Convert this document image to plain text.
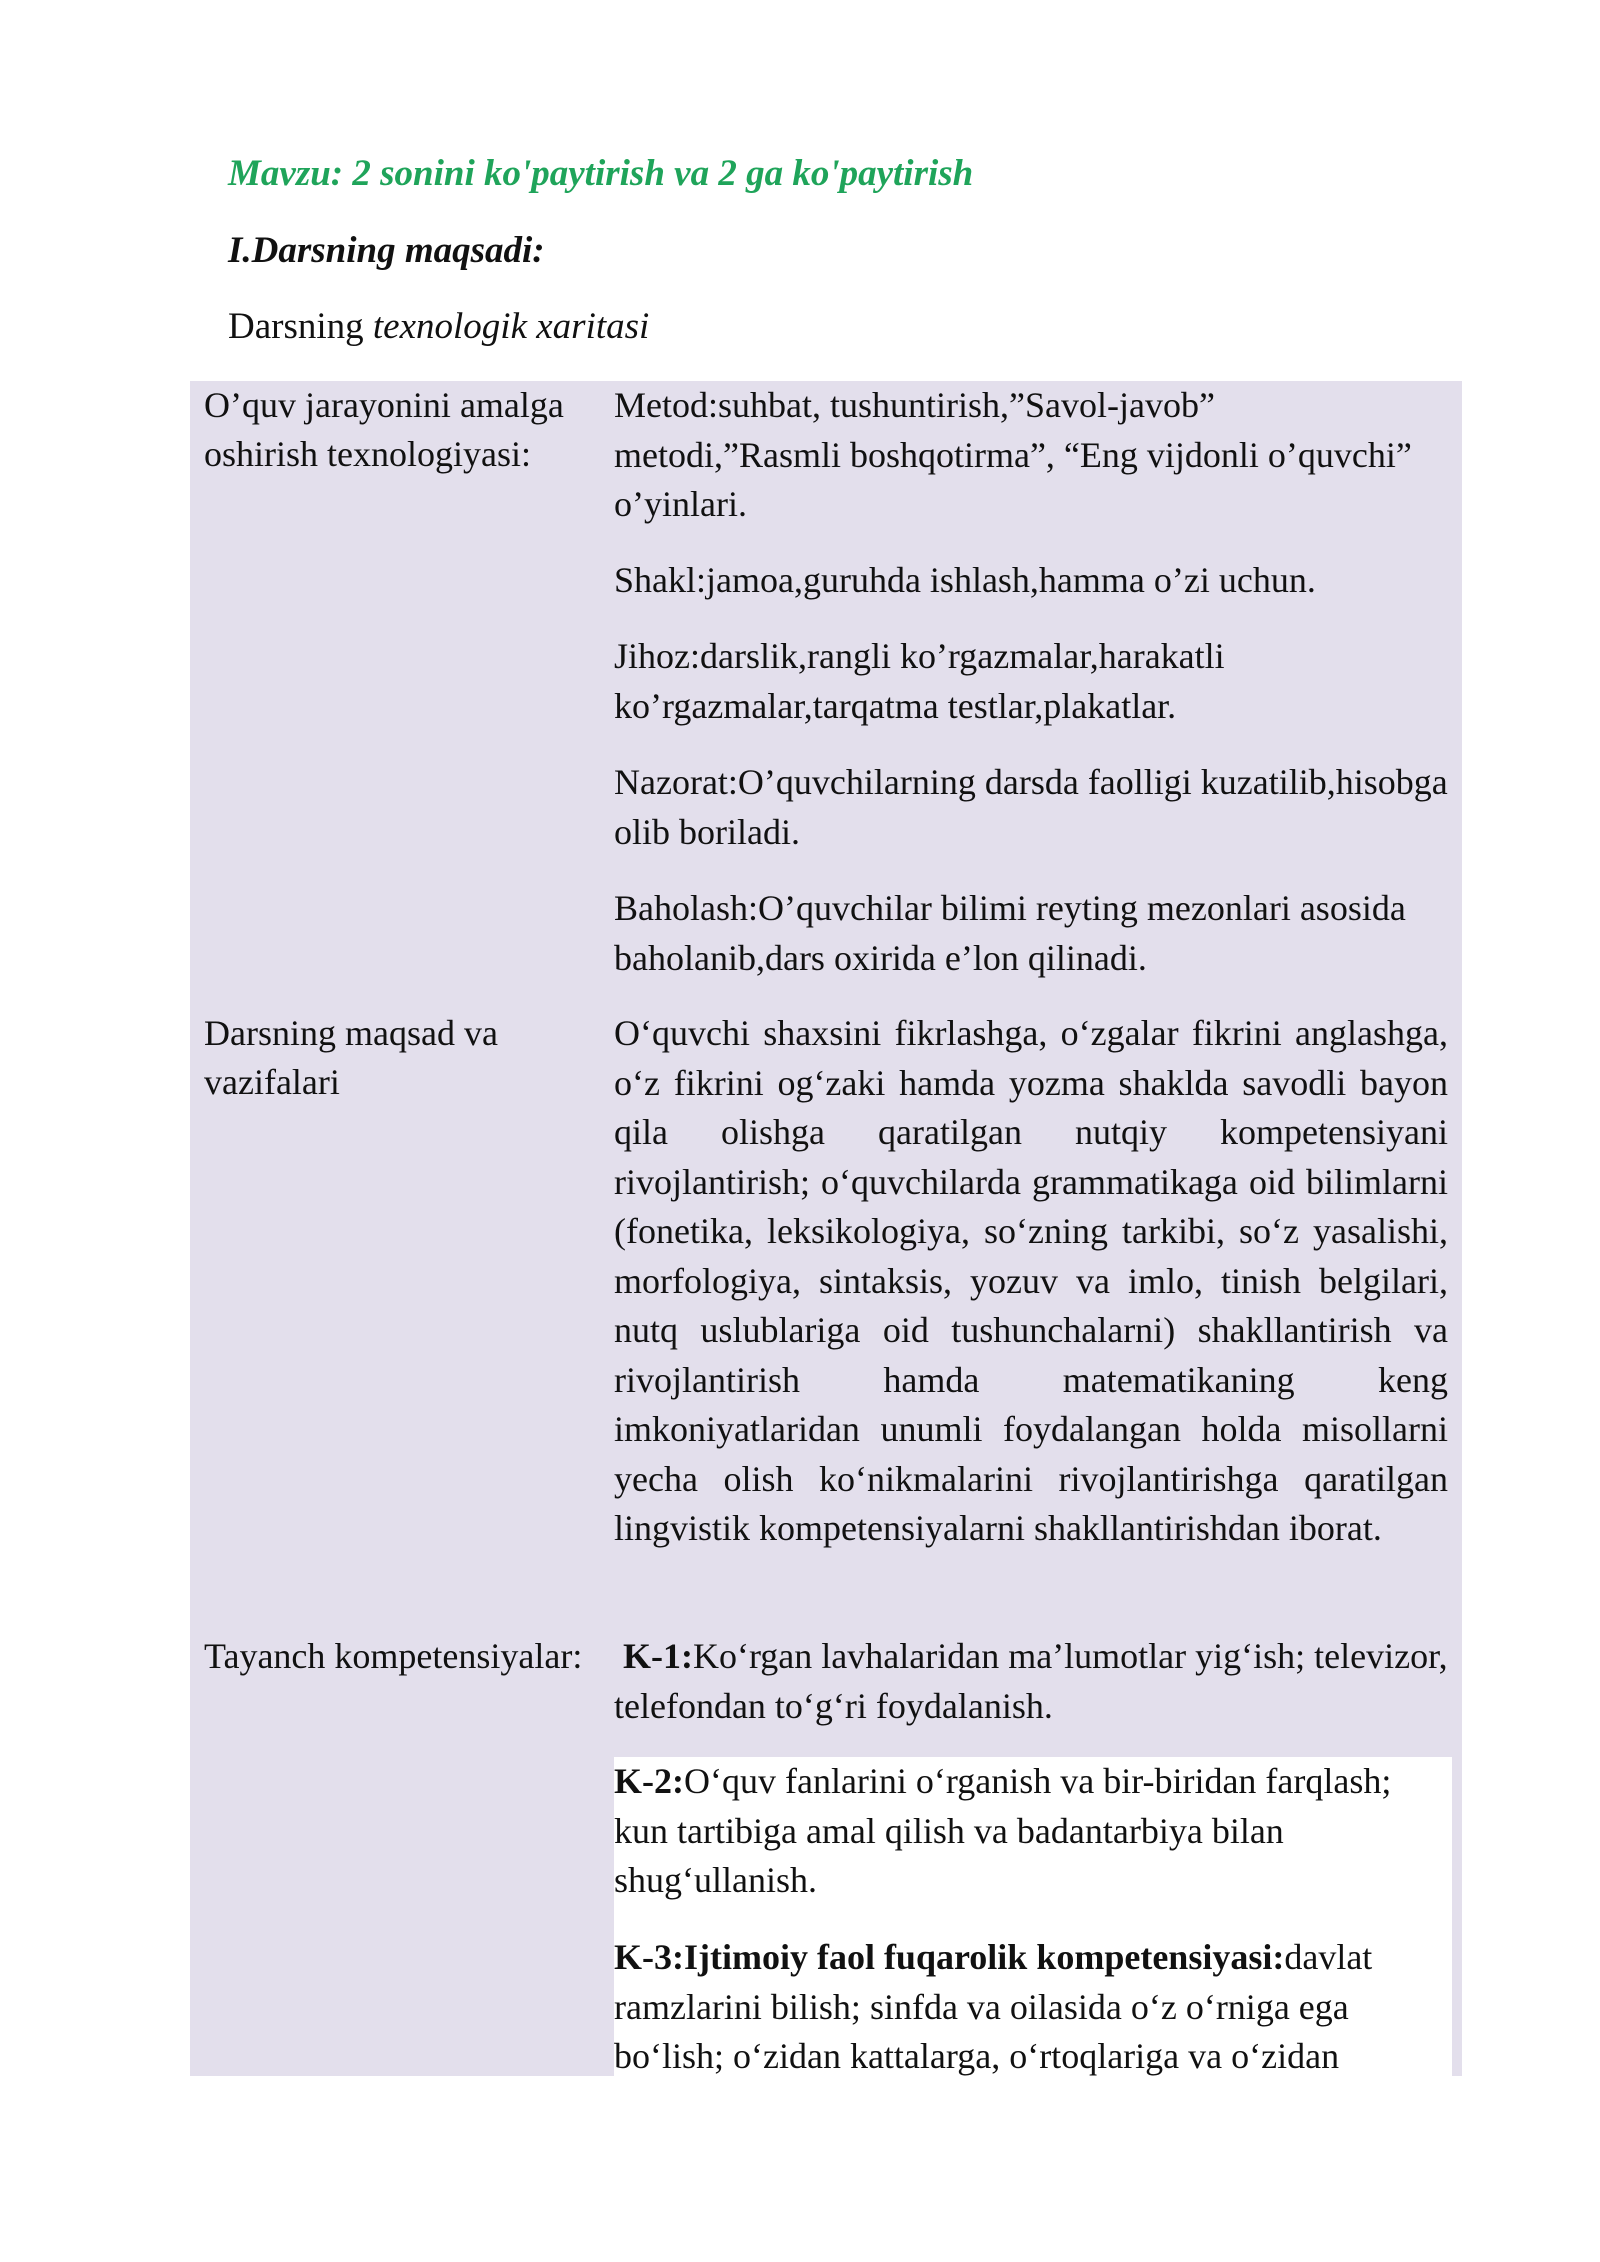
Mavzu: 2 sonini ko'paytirish va 2 ga ko'paytirish
I.Darsning maqsadi:
Darsning texnologik xaritasi
O’quv jarayonini amalga oshirish texnologiyasi:
Metod:suhbat, tushuntirish,”Savol-javob” metodi,”Rasmli boshqotirma”, “Eng vijdonli o’quvchi” o’yinlari.
Shakl:jamoa,guruhda ishlash,hamma o’zi uchun.
Jihoz:darslik,rangli ko’rgazmalar,harakatli ko’rgazmalar,tarqatma testlar,plakatlar.
Nazorat:O’quvchilarning darsda faolligi kuzatilib,hisobga olib boriladi.
Baholash:O’quvchilar bilimi reyting mezonlari asosida baholanib,dars oxirida e’lon qilinadi.
Darsning maqsad va vazifalari
O‘quvchi shaxsini fikrlashga, o‘zgalar fikrini anglashga, o‘z fikrini og‘zaki hamda yozma shaklda savodli bayon qila olishga qaratilgan nutqiy kompetensiyani rivojlantirish; o‘quvchilarda grammatikaga oid bilimlarni (fonetika, leksikologiya, so‘zning tarkibi, so‘z yasalishi, morfologiya, sintaksis, yozuv va imlo, tinish belgilari, nutq uslublariga oid tushunchalarni) shakllantirish va rivojlantirish hamda matematikaning keng imkoniyatlaridan unumli foydalangan holda misollarni yecha olish ko‘nikmalarini rivojlantirishga qaratilgan lingvistik kompetensiyalarni shakllantirishdan iborat.
Tayanch kompetensiyalar:	K-1:Ko‘rgan lavhalaridan ma’lumotlar yig‘ish; televizor, telefondan to‘g‘ri foydalanish.
K-2:O‘quv fanlarini o‘rganish va bir-biridan farqlash; kun tartibiga amal qilish va badantarbiya bilan shug‘ullanish.
K-3:Ijtimoiy faol fuqarolik kompetensiyasi:davlat ramzlarini bilish; sinfda va oilasida o‘z o‘rniga ega bo‘lish; o‘zidan kattalarga, o‘rtoqlariga va o‘zidan
